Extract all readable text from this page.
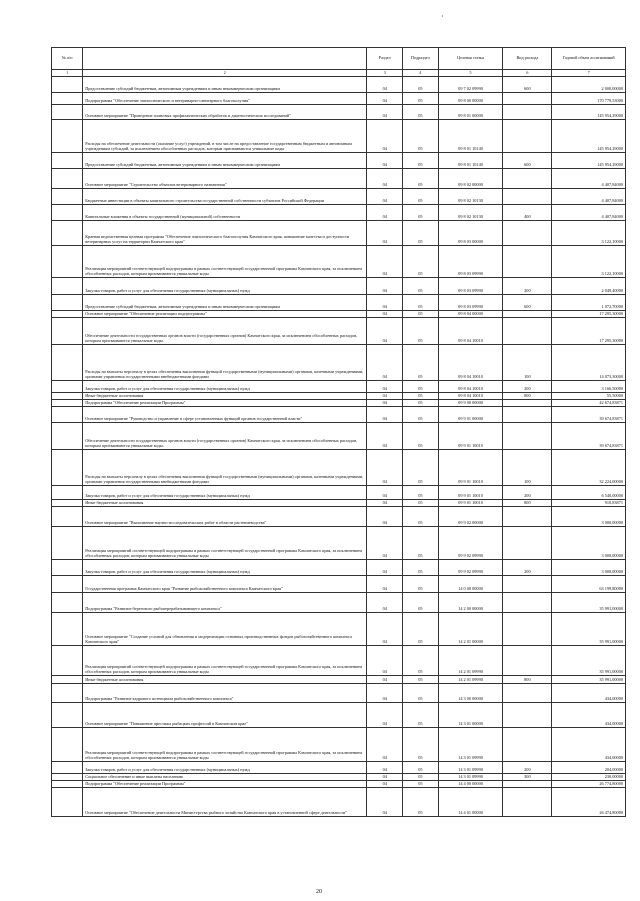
·
№ п/п		Раздел	Подраздел	Целевая статья	Вид расхода	Годовой объем ассигнований
1	2	3	4	5	6	7
	Предоставление субсидий бюджетным, автономным учреждениям и иным некоммерческим организациям	04	05	09 7 02 09990	600	2 000,00000
	Подпрограмма "Обеспечение эпизоотического и ветеринарно-санитарного благополучия"	04	05	09 8 00 00000		170 779,53000
	Основное мероприятие "Проведение плановых профилактических обработок и диагностических исследований"	04	05	09 8 01 00000		145 954,29000
	Расходы на обеспечение деятельности (оказание услуг) учреждений, в том числе на предоставление государственным бюджетным и автономным учреждениям субсидий, за исключением обособленных расходов, которым присваиваются уникальные коды	04	05	09 8 01 10140		145 954,29000
	Предоставление субсидий бюджетным, автономным учреждениям и иным некоммерческим организациям	04	05	09 8 01 10140	600	145 954,29000
	Основное мероприятие "Строительство объектов ветеринарного назначения"	04	05	09 8 02 00000		4 407,84000
	Бюджетные инвестиции в объекты капитального строительства государственной собственности субъектов Российской Федерации	04	05	09 8 02 10130		4 407,84000
	Капитальные вложения в объекты государственной (муниципальной) собственности	04	05	09 8 02 10130	400	4 407,84000
	Краевая ведомственная целевая программа "Обеспечение эпизоотического благополучия Камчатского края, повышение качества и доступности ветеринарных услуг на территории Камчатского края"	04	05	09 8 03 00000		3 122,10000
	Реализация мероприятий соответствующей подпрограммы в рамках соответствующей государственной программы Камчатского края, за исключением обособленных расходов, которым присваиваются уникальные коды	04	05	09 8 03 09990		3 122,10000
	Закупка товаров, работ и услуг для обеспечения государственных (муниципальных) нужд	04	05	09 8 03 09990	200	2 049,40000
	Предоставление субсидий бюджетным, автономным учреждениям и иным некоммерческим организациям	04	05	09 8 03 09990	600	1 072,70000
	Основное мероприятие "Обеспечение реализации подпрограммы"	04	05	09 8 04 00000		17 295,30000
	Обеспечение деятельности государственных органов власти (государственных органов) Камчатского края, за исключением обособленных расходов, которым присваиваются уникальные коды.	04	05	09 8 04 10010		17 295,30000
	Расходы на выплаты персоналу в целях обеспечения выполнения функций государственными (муниципальными) органами, казенными учреждениями, органами управления государственными внебюджетными фондами	04	05	09 8 04 10010	100	14 073,30000
	Закупка товаров, работ и услуг для обеспечения государственных (муниципальных) нужд	04	05	09 8 04 10010	200	3 166,50000
	Иные бюджетные ассигнования	04	05	09 8 04 10010	800	55,50000
	Подпрограмма "Обеспечение реализации Программы"	04	05	09 9 00 00000		42 674,83871
	Основное мероприятие "Руководство и управление в сфере установленных функций органов государственной власти"	04	05	09 9 01 00000		39 674,83871
	Обеспечение деятельности государственных органов власти (государственных органов) Камчатского края, за исключением обособленных расходов, которым присваиваются уникальные коды.	04	05	09 9 01 10010		39 674,83871
	Расходы на выплаты персоналу в целях обеспечения выполнения функций государственными (муниципальными) органами, казенными учреждениями, органами управления государственными внебюджетными фондами	04	05	09 9 01 10010	100	32 224,00000
	Закупка товаров, работ и услуг для обеспечения государственных (муниципальных) нужд	04	05	09 9 01 10010	200	6 540,00000
	Иные бюджетные ассигнования	04	05	09 9 01 10010	800	910,83871
	Основное мероприятие "Выполнение научно-исследовательских работ в области растениеводства"	04	05	09 9 02 00000		3 000,00000
	Реализация мероприятий соответствующей подпрограммы в рамках соответствующей государственной программы Камчатского края, за исключением обособленных расходов, которым присваиваются уникальные коды	04	05	09 9 02 09990		3 000,00000
	Закупка товаров, работ и услуг для обеспечения государственных (муниципальных) нужд	04	05	09 9 02 09990	200	3 000,00000
	Государственная программа Камчатского края "Развитие рыбохозяйственного комплекса Камчатского края"	04	05	14 0 00 00000		63 199,80000
	Подпрограмма "Развитие берегового рыбоперерабатывающего комплекса"	04	05	14 2 00 00000		35 991,00000
	Основное мероприятие "Создание условий для обновления и модернизации основных производственных фондов рыбохозяйственного комплекса Камчатского края"	04	05	14 2 01 00000		35 991,00000
	Реализация мероприятий соответствующей подпрограммы в рамках соответствующей государственной программы Камчатского края, за исключением обособленных расходов, которым присваиваются уникальные коды	04	05	14 2 01 09990		35 991,00000
	Иные бюджетные ассигнования	04	05	14 2 01 09990	800	35 991,00000
	Подпрограмма "Развитие кадрового потенциала рыбохозяйственного комплекса"	04	05	14 3 00 00000		434,00000
	Основное мероприятие "Повышение престижа рыбацких профессий в Камчатском крае"	04	05	14 3 01 00000		434,00000
	Реализация мероприятий соответствующей подпрограммы в рамках соответствующей государственной программы Камчатского края, за исключением обособленных расходов, которым присваиваются уникальные коды	04	05	14 3 01 09990		434,00000
	Закупка товаров, работ и услуг для обеспечения государственных (муниципальных) нужд	04	05	14 3 01 09990	200	204,00000
	Социальное обеспечение и иные выплаты населению	04	05	14 3 01 09990	300	230,00000
	Подпрограмма "Обеспечение реализации Программы"	04	05	14 4 00 00000		26 774,80000
	Основное мероприятие "Обеспечение деятельности Министерства рыбного хозяйства Камчатского края в установленной сфере деятельности"	04	05	14 4 01 00000		26 474,80000
20
